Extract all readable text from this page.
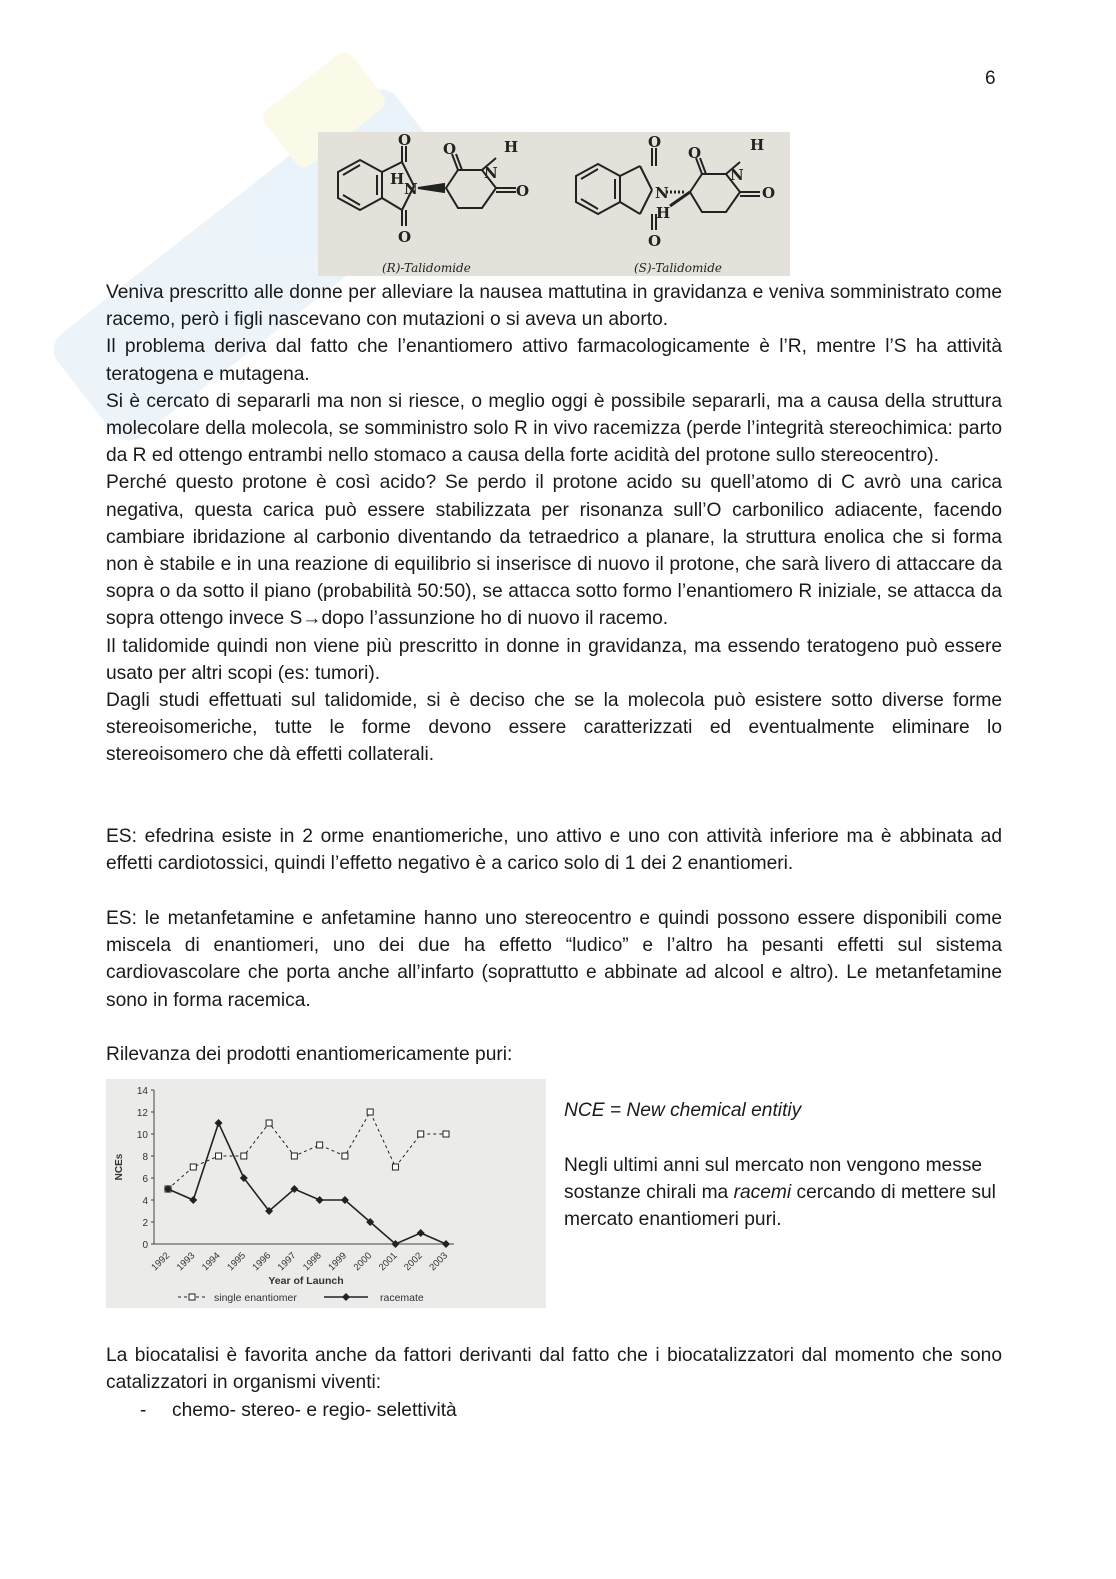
6
O
O
H
N
O
N
H
O
O
O
N
H
O
N
H
O
(R)-Talidomide	(S)-Talidomide

Veniva prescritto alle donne per alleviare la nausea mattutina in gravidanza e veniva somministrato come racemo, però i figli nascevano con mutazioni o si aveva un aborto.

Il problema deriva dal fatto che l’enantiomero attivo farmacologicamente è l’R, mentre l’S ha attività teratogena e mutagena.

Si è cercato di separarli ma non si riesce, o meglio oggi è possibile separarli, ma a causa della struttura molecolare della molecola, se somministro solo R in vivo racemizza (perde l’integrità stereochimica: parto da R ed ottengo entrambi nello stomaco a causa della forte acidità del protone sullo stereocentro).

Perché questo protone è così acido? Se perdo il protone acido su quell’atomo di C avrò una carica negativa, questa carica può essere stabilizzata per risonanza sull’O carbonilico adiacente, facendo cambiare ibridazione al carbonio diventando da tetraedrico a planare, la struttura enolica che si forma non è stabile e in una reazione di equilibrio si inserisce di nuovo il protone, che sarà livero di attaccare da sopra o da sotto il piano (probabilità 50:50), se attacca sotto formo l’enantiomero R iniziale, se attacca da sopra ottengo invece S→dopo l’assunzione ho di nuovo il racemo.

Il talidomide quindi non viene più prescritto in donne in gravidanza, ma essendo teratogeno può essere usato per altri scopi (es: tumori).

Dagli studi effettuati sul talidomide, si è deciso che se la molecola può esistere sotto diverse forme stereoisomeriche, tutte le forme devono essere caratterizzati ed eventualmente eliminare lo stereoisomero che dà effetti collaterali.

ES: efedrina esiste in 2 orme enantiomeriche, uno attivo e uno con attività inferiore ma è abbinata ad effetti cardiotossici, quindi l’effetto negativo è a carico solo di 1 dei 2 enantiomeri.

ES: le metanfetamine e anfetamine hanno uno stereocentro e quindi possono essere disponibili come miscela di enantiomeri, uno dei due ha effetto “ludico” e l’altro ha pesanti effetti sul sistema cardiovascolare che porta anche all’infarto (soprattutto e abbinate ad alcool e altro). Le metanfetamine sono in forma racemica.

Rilevanza dei prodotti enantiomericamente puri:

0
2
4
6
8
10
12
14
1992 1993 1994 1995 1996 1997 1998 1999 2000 2001 2002 2003
NCEs
Year of Launch
single enantiomer	racemate
NCE = New chemical entitiy
Negli ultimi anni sul mercato non vengono messe sostanze chirali ma racemi cercando di mettere sul mercato enantiomeri puri.

La biocatalisi è favorita anche da fattori derivanti dal fatto che i biocatalizzatori dal momento che sono catalizzatori in organismi viventi:

- chemo- stereo- e regio- selettività
